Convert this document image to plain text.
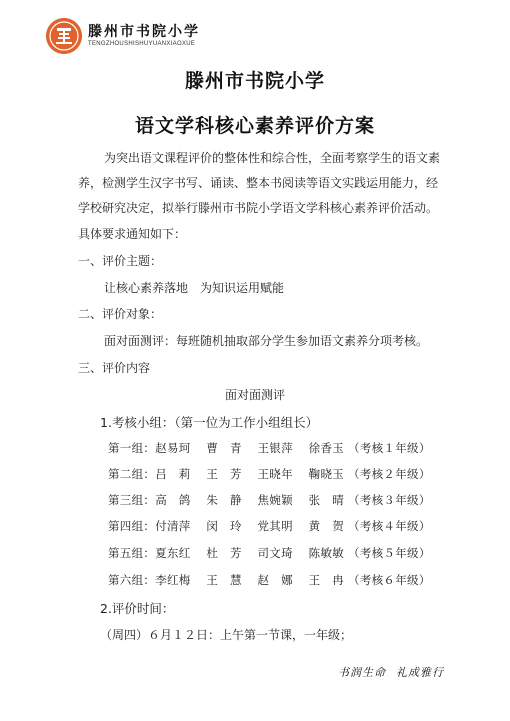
滕州市书院小学
TENGZHOUSHISHUYUANXIAOXUE
滕州市书院小学
语文学科核心素养评价方案
为突出语文课程评价的整体性和综合性，全面考察学生的语文素
养，检测学生汉字书写、诵读、整本书阅读等语文实践运用能力，经
学校研究决定，拟举行滕州市书院小学语文学科核心素养评价活动。
具体要求通知如下：
一、评价主题：
让核心素养落地　为知识运用赋能
二、评价对象：
面对面测评：每班随机抽取部分学生参加语文素养分项考核。
三、评价内容
面对面测评
1.考核小组：（第一位为工作小组组长）
第一组：赵易珂　 曹　青　 王银萍　 徐香玉 （考核１年级）
第二组：吕　莉　 王　芳　 王晓年　 鞠晓玉 （考核２年级）
第三组：高　鸽　 朱　静　 焦婉颖　 张　晴 （考核３年级）
第四组：付清萍　 闵　玲　 党其明　 黄　贺 （考核４年级）
第五组：夏东红　 杜　芳　 司文琦　 陈敏敏 （考核５年级）
第六组：李红梅　 王　慧　 赵　娜　 王　冉 （考核６年级）
2.评价时间：
（周四）６月１２日：上午第一节课，一年级；
书润生命 礼成雅行
